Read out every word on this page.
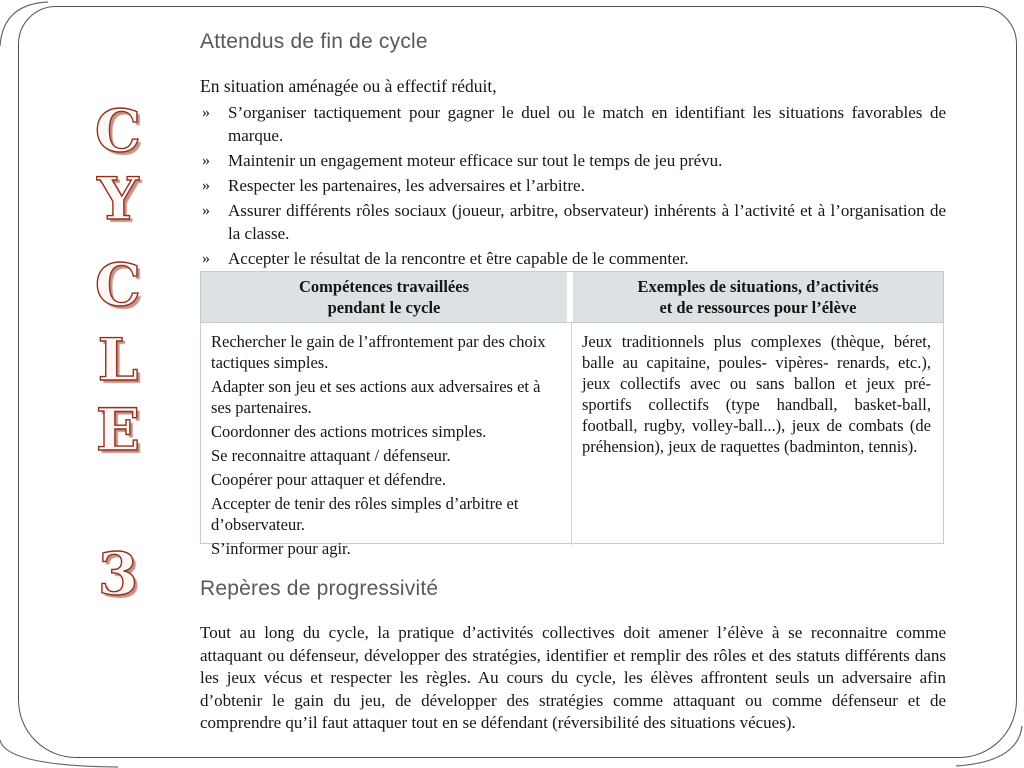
C
Y
C
L
E
3
Attendus de fin de cycle
En situation aménagée ou à effectif réduit,
» S’organiser tactiquement pour gagner le duel ou le match en identifiant les situations favorables de marque.
» Maintenir un engagement moteur efficace sur tout le temps de jeu prévu.
» Respecter les partenaires, les adversaires et l’arbitre.
» Assurer différents rôles sociaux (joueur, arbitre, observateur) inhérents à l’activité et à l’organisation de la classe.
» Accepter le résultat de la rencontre et être capable de le commenter.
Compétences travaillées
pendant le cycle
Exemples de situations, d’activités
et de ressources pour l’élève

Rechercher le gain de l’affrontement par des choix tactiques simples.

Adapter son jeu et ses actions aux adversaires et à ses partenaires.

Coordonner des actions motrices simples.

Se reconnaitre attaquant / défenseur.

Coopérer pour attaquer et défendre.

Accepter de tenir des rôles simples d’arbitre et d’observateur.

S’informer pour agir.

Jeux traditionnels plus complexes (thèque, béret, balle au capitaine, poules- vipères- renards, etc.), jeux collectifs avec ou sans ballon et jeux pré-sportifs collectifs (type handball, basket-ball, football, rugby, volley-ball...), jeux de combats (de préhension), jeux de raquettes (badminton, tennis).

Repères de progressivité

Tout au long du cycle, la pratique d’activités collectives doit amener l’élève à se reconnaitre comme attaquant ou défenseur, développer des stratégies, identifier et remplir des rôles et des statuts différents dans les jeux vécus et respecter les règles. Au cours du cycle, les élèves affrontent seuls un adversaire afin d’obtenir le gain du jeu, de développer des stratégies comme attaquant ou comme défenseur et de comprendre qu’il faut attaquer tout en se défendant (réversibilité des situations vécues).
